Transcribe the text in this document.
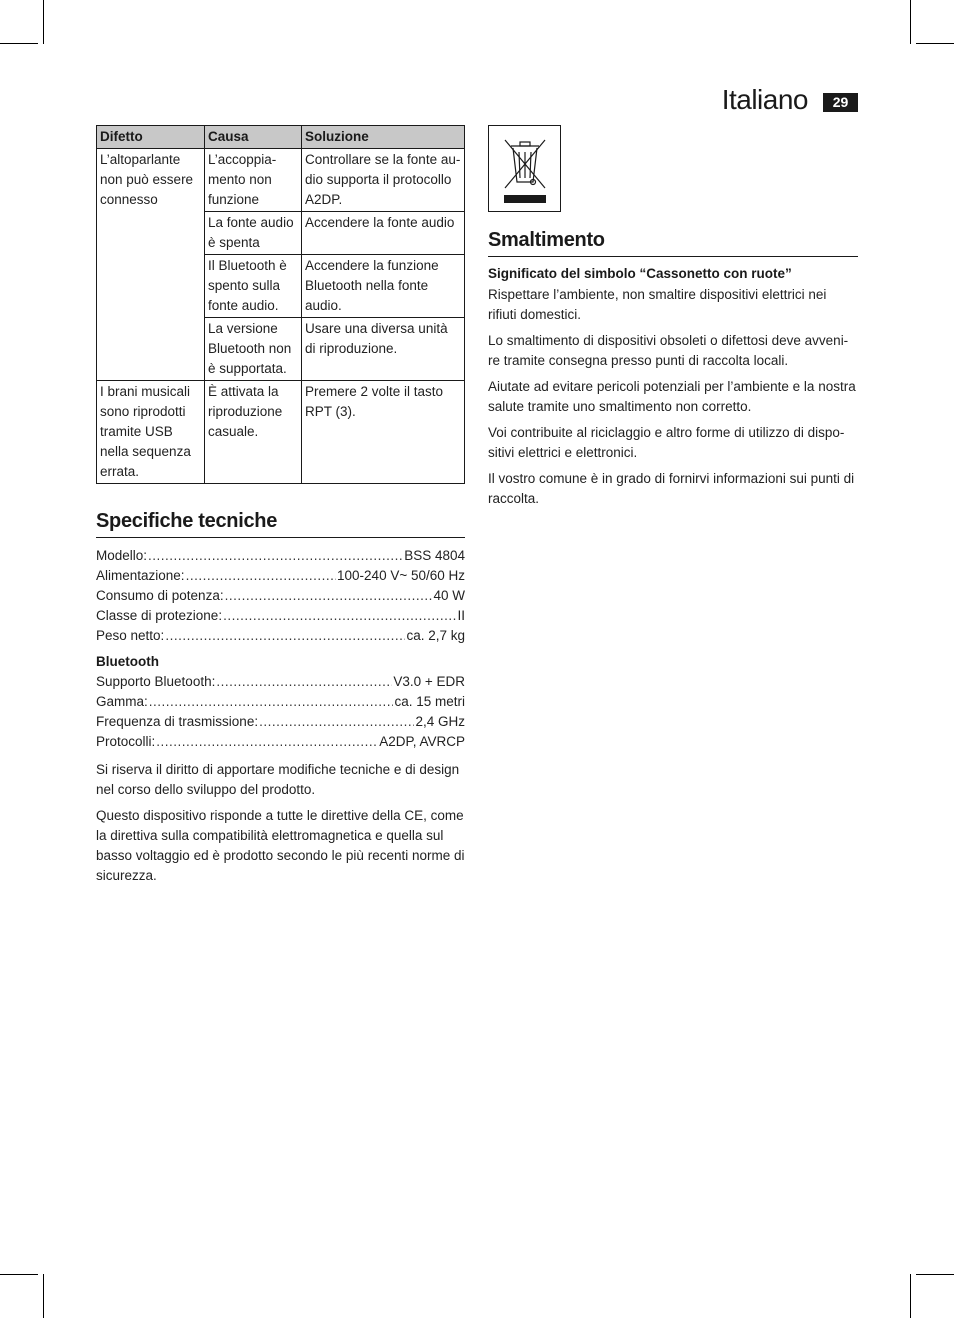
Italiano	29
Difetto	Causa	Soluzione
L’altoparlante non può essere connesso	L’accoppia-mento non funzione	Controllare se la fonte au-dio supporta il protocollo A2DP.
	La fonte audio è spenta	Accendere la fonte audio
	Il Bluetooth è spento sulla fonte audio.	Accendere la funzione Bluetooth nella fonte audio.
	La versione Bluetooth non è supportata.	Usare una diversa unità di riproduzione.
I brani musicali sono riprodotti tramite USB nella sequenza errata.	È attivata la riproduzione casuale.	Premere 2 volte il tasto RPT (3).
Specifiche tecniche
Modello: .....	BSS 4804
Alimentazione: .....	100-240 V~ 50/60 Hz
Consumo di potenza: .....	40 W
Classe di protezione: .....	II
Peso netto: .....	ca. 2,7 kg
Bluetooth
Supporto Bluetooth: .....	V3.0 + EDR
Gamma: .....	ca. 15 metri
Frequenza di trasmissione: .....	2,4 GHz
Protocolli: .....	A2DP, AVRCP

Si riserva il diritto di apportare modifiche tecniche e di design nel corso dello sviluppo del prodotto.

Questo dispositivo risponde a tutte le direttive della CE, come la direttiva sulla compatibilità elettromagnetica e quella sul basso voltaggio ed è prodotto secondo le più recenti norme di sicurezza.

Smaltimento
Significato del simbolo “Cassonetto con ruote”

Rispettare l’ambiente, non smaltire dispositivi elettrici nei rifiuti domestici.

Lo smaltimento di dispositivi obsoleti o difettosi deve avveni-re tramite consegna presso punti di raccolta locali.

Aiutate ad evitare pericoli potenziali per l’ambiente e la nostra salute tramite uno smaltimento non corretto.

Voi contribuite al riciclaggio e altro forme di utilizzo di dispo-sitivi elettrici e elettronici.

Il vostro comune è in grado di fornirvi informazioni sui punti di raccolta.
